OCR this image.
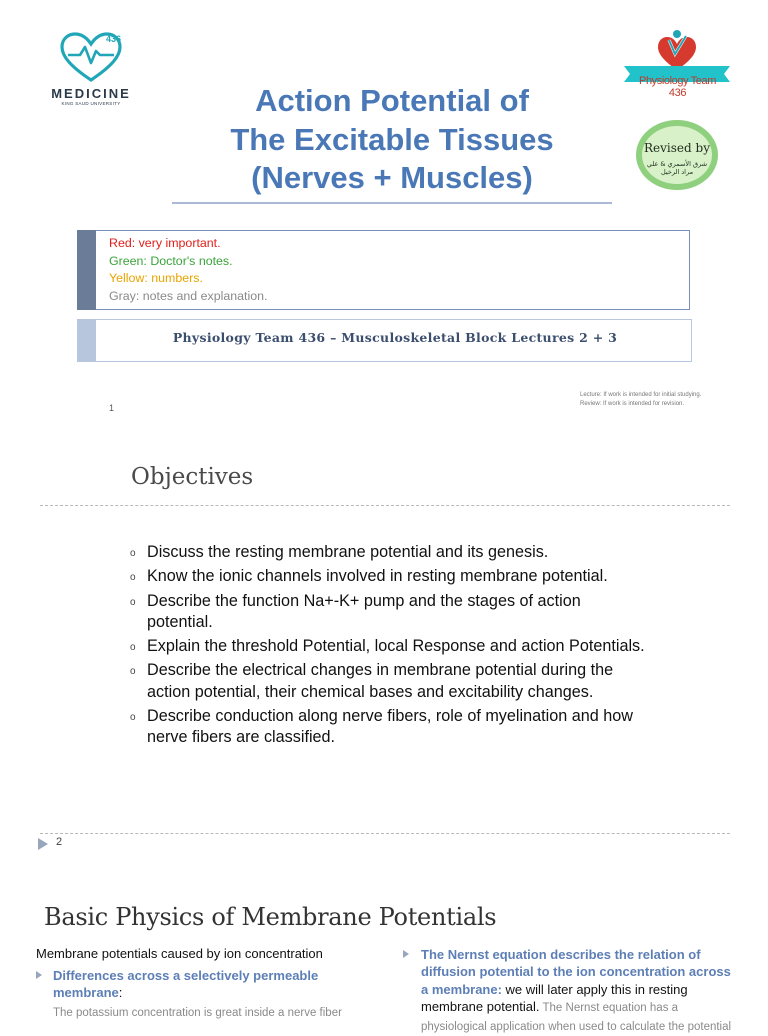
436
MEDICINE
KING SAUD UNIVERSITY	Action Potential of
The Excitable Tissues
(Nerves + Muscles)
Physiology Team 436
Revised by
شرق الأسمري & علي مراد الرخيل
Red: very important.
Green: Doctor's notes.
Yellow: numbers.
Gray: notes and explanation.
Physiology Team 436 – Musculoskeletal Block Lectures 2 + 3
Lecture: If work is intended for initial studying.
Review: If work is intended for revision.
1
Objectives
o Discuss the resting membrane potential and its genesis.
o Know the ionic channels involved in resting membrane potential.
o Describe the function Na+-K+ pump and the stages of action potential.
o Explain the threshold Potential, local Response and action Potentials.
o Describe the electrical changes in membrane potential during the action potential, their chemical bases and excitability changes.
o Describe conduction along nerve fibers, role of myelination and how nerve fibers are classified.
2
Basic Physics of Membrane Potentials
Membrane potentials caused by ion concentration
Differences across a selectively permeable membrane:
The potassium concentration is great inside a nerve fiber
The Nernst equation describes the relation of diffusion potential to the ion concentration across a membrane: we will later apply this in resting membrane potential. The Nernst equation has a physiological application when used to calculate the potential
